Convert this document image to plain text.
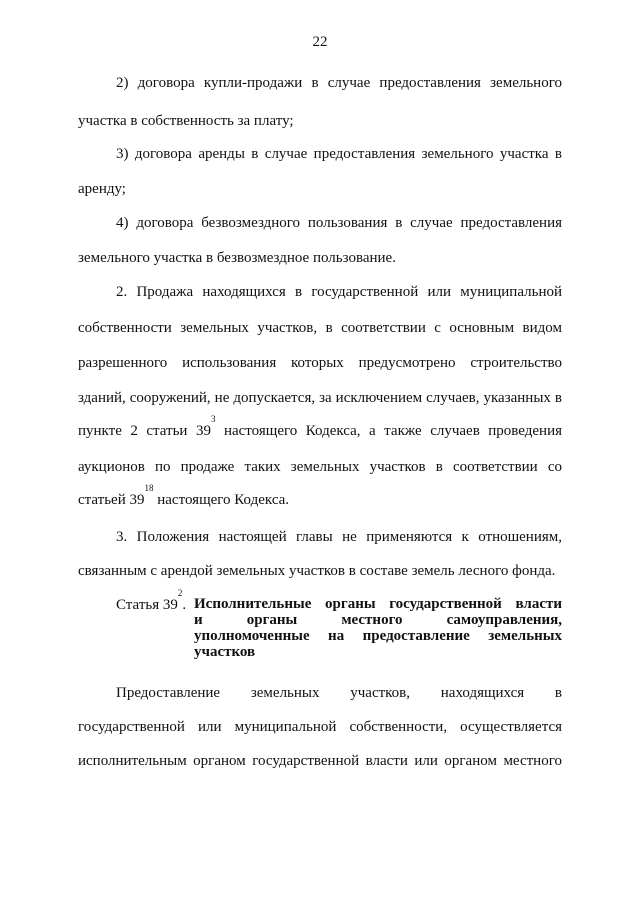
22
2) договора купли-продажи в случае предоставления земельного
участка в собственность за плату;
3) договора аренды в случае предоставления земельного участка в
аренду;
4) договора безвозмездного пользования в случае предоставления
земельного участка в безвозмездное пользование.
2. Продажа находящихся в государственной или муниципальной
собственности земельных участков, в соответствии с основным видом
разрешенного использования которых предусмотрено строительство
зданий, сооружений, не допускается, за исключением случаев, указанных в
пункте 2 статьи $39^3$ настоящего Кодекса, а также случаев проведения
аукционов по продаже таких земельных участков в соответствии со
статьей $39^{18}$ настоящего Кодекса.
3. Положения настоящей главы не применяются к отношениям,
связанным с арендой земельных участков в составе земель лесного фонда.
Статья $39^2$. Исполнительные органы государственной власти
и органы местного самоуправления,
уполномоченные на предоставление земельных
участков
Предоставление земельных участков, находящихся в
государственной или муниципальной собственности, осуществляется
исполнительным органом государственной власти или органом местного
